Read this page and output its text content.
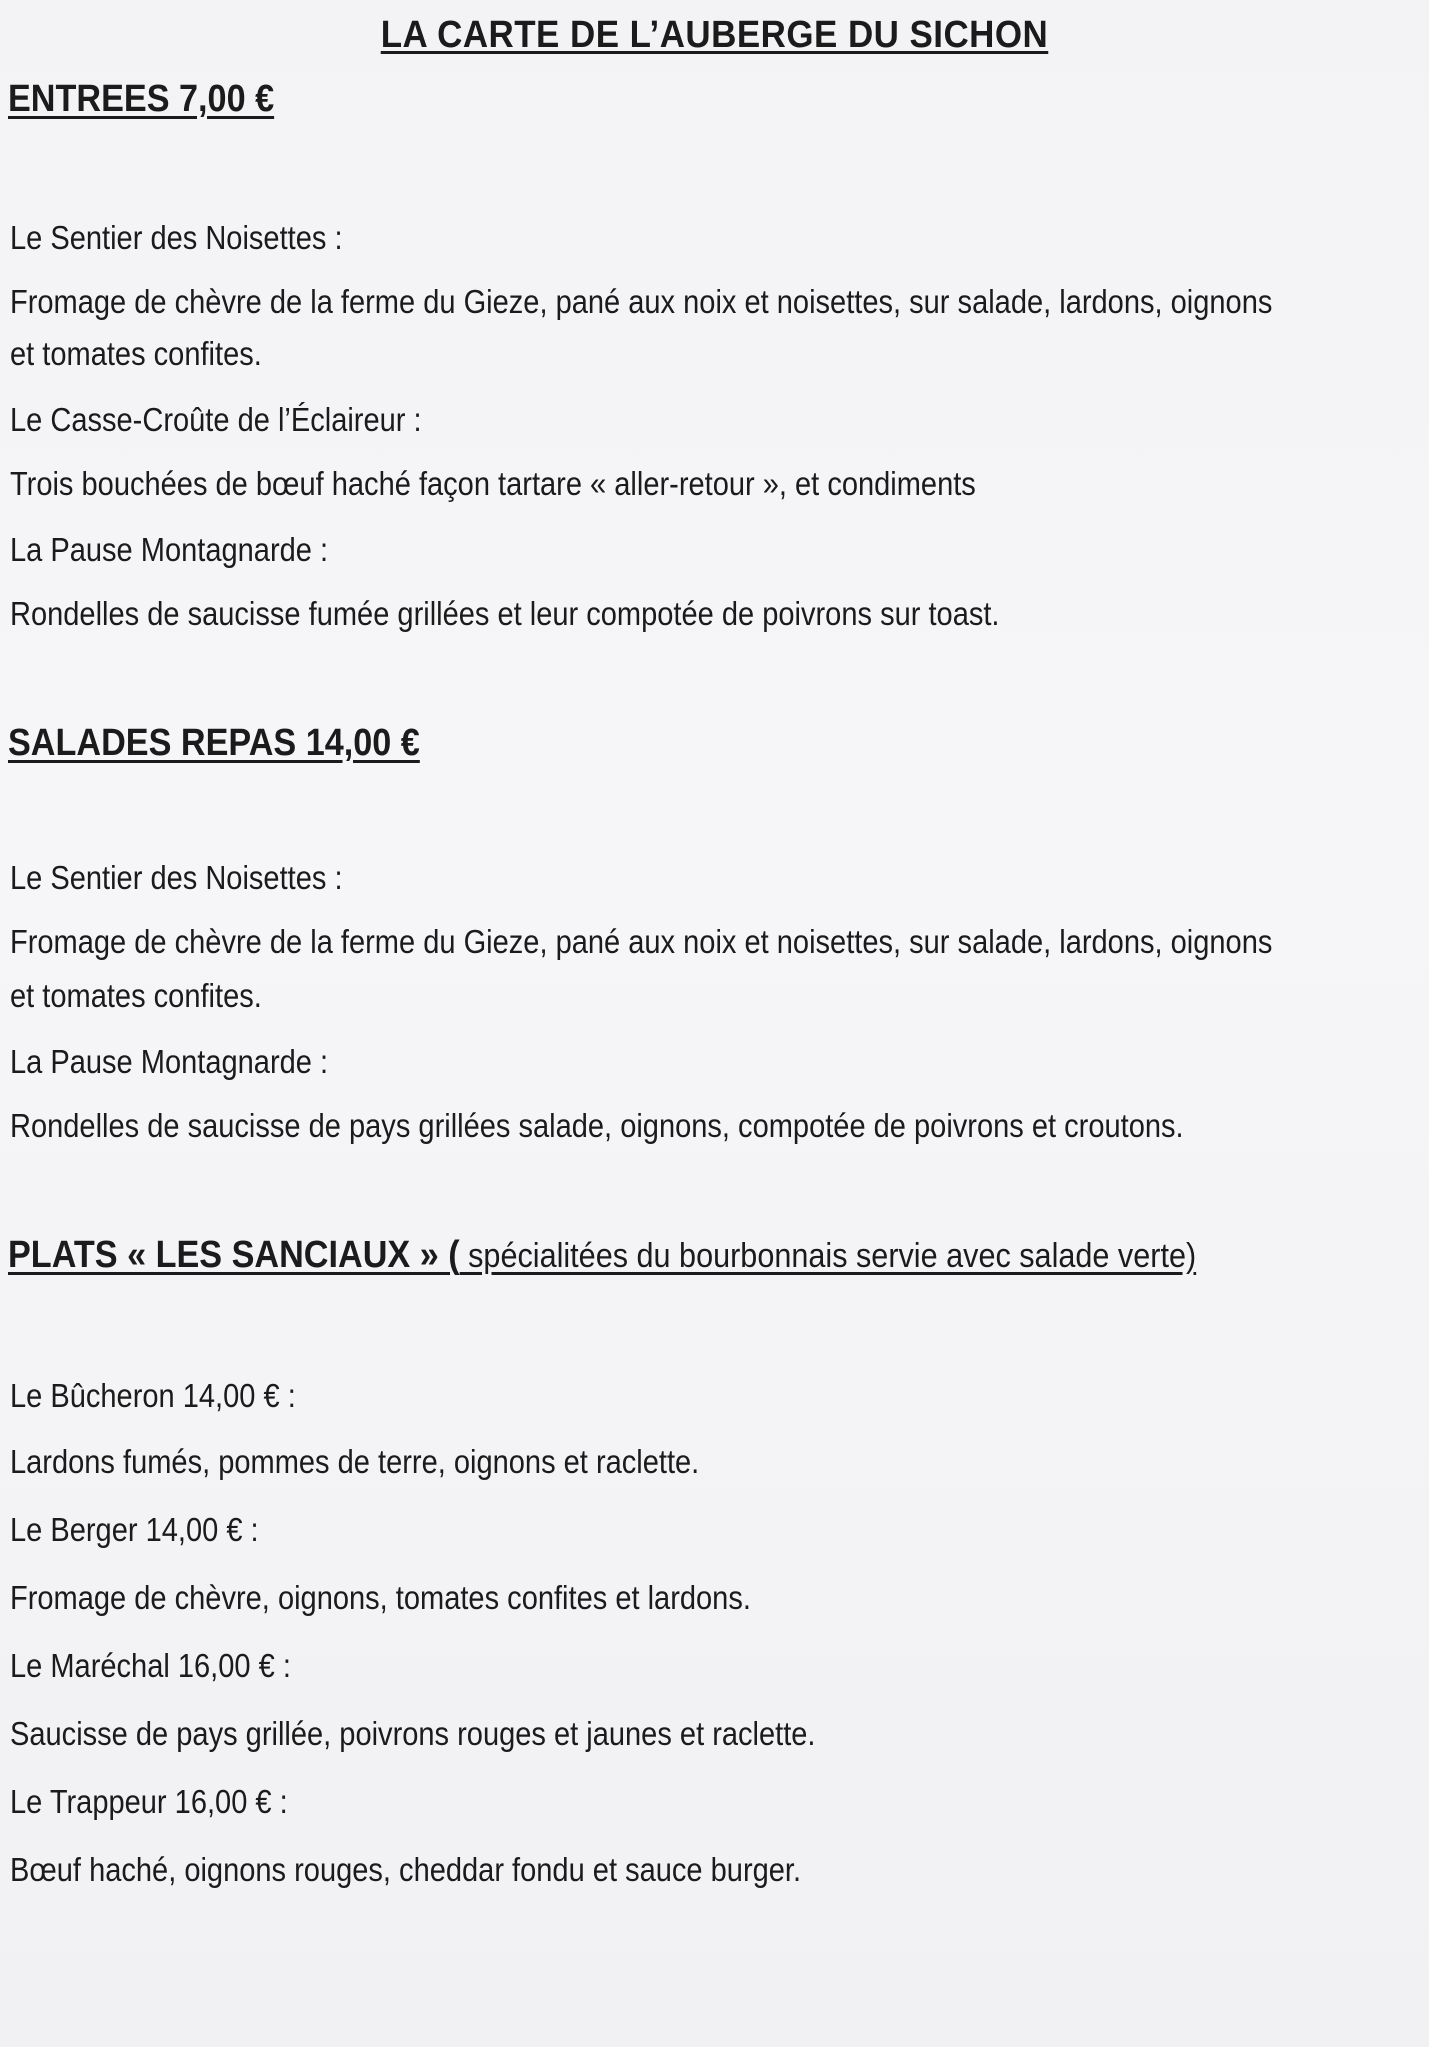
LA CARTE DE L’AUBERGE DU SICHON
ENTREES 7,00 €
Le Sentier des Noisettes :
Fromage de chèvre de la ferme du Gieze, pané aux noix et noisettes, sur salade, lardons, oignons
et tomates confites.
Le Casse-Croûte de l’Éclaireur :
Trois bouchées de bœuf haché façon tartare « aller-retour », et condiments
La Pause Montagnarde :
Rondelles de saucisse fumée grillées et leur compotée de poivrons sur toast.
SALADES REPAS 14,00 €
Le Sentier des Noisettes :
Fromage de chèvre de la ferme du Gieze, pané aux noix et noisettes, sur salade, lardons, oignons
et tomates confites.
La Pause Montagnarde :
Rondelles de saucisse de pays grillées salade, oignons, compotée de poivrons et croutons.
PLATS « LES SANCIAUX » ( spécialitées du bourbonnais servie avec salade verte)
Le Bûcheron 14,00 € :
Lardons fumés, pommes de terre, oignons et raclette.
Le Berger 14,00 € :
Fromage de chèvre, oignons, tomates confites et lardons.
Le Maréchal 16,00 € :
Saucisse de pays grillée, poivrons rouges et jaunes et raclette.
Le Trappeur 16,00 € :
Bœuf haché, oignons rouges, cheddar fondu et sauce burger.
